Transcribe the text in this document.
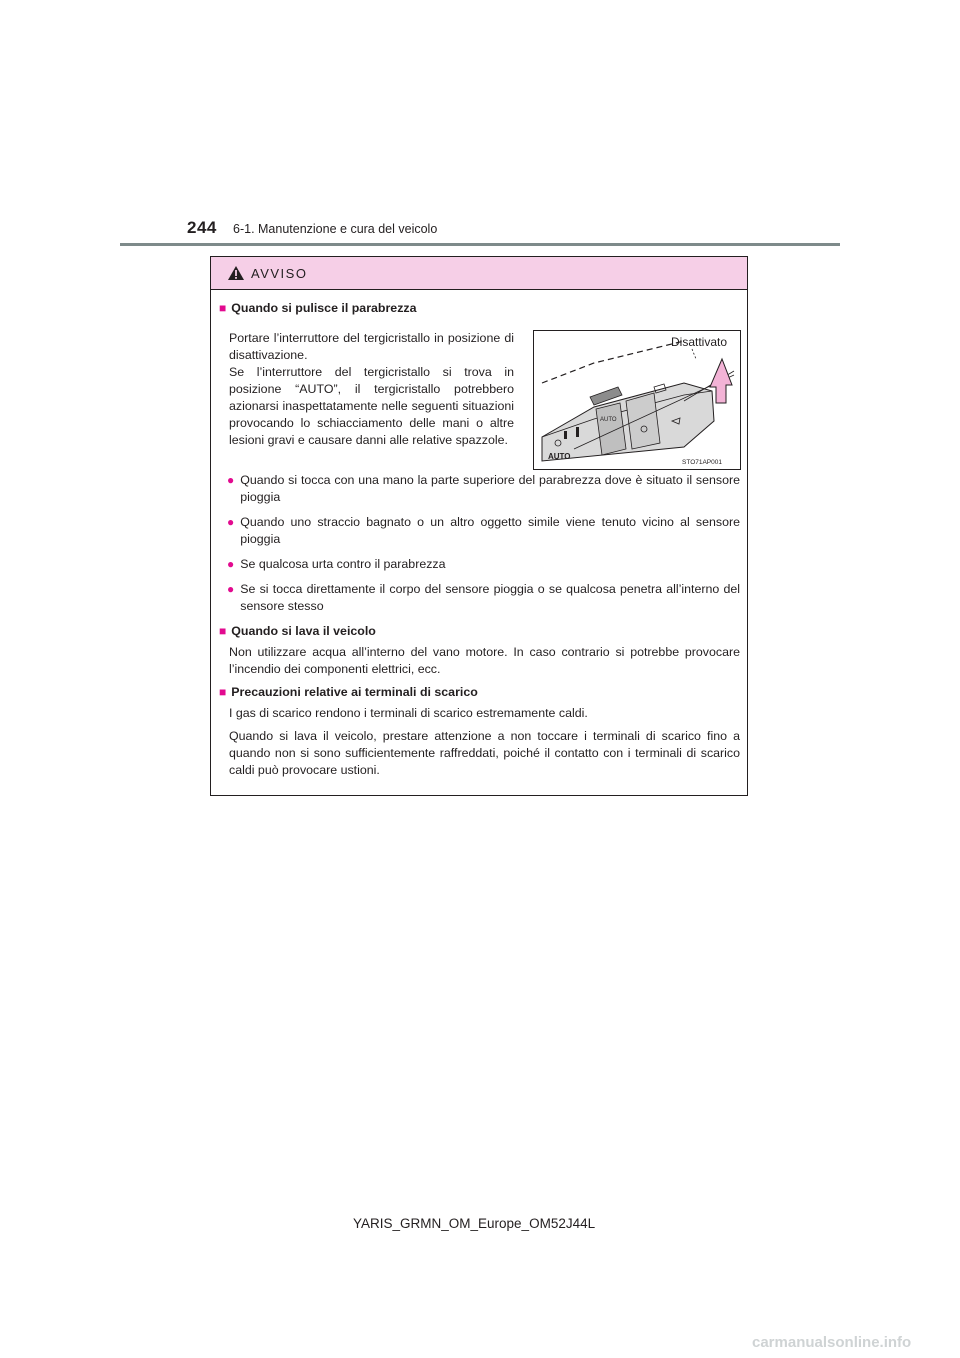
244 6-1. Manutenzione e cura del veicolo
AVVISO
■ Quando si pulisce il parabrezza
Portare l’interruttore del tergicristallo in posizione di disattivazione.
Se l’interruttore del tergicristallo si trova in posizione “AUTO”, il tergicristallo potrebbero azionarsi inaspettatamente nelle seguenti situazioni provocando lo schiacciamento delle mani o altre lesioni gravi e causare danni alle relative spazzole.
AUTO
AUTO
Disattivato
STO71AP001
● Quando si tocca con una mano la parte superiore del parabrezza dove è situato il sensore pioggia
● Quando uno straccio bagnato o un altro oggetto simile viene tenuto vicino al sensore pioggia
● Se qualcosa urta contro il parabrezza
● Se si tocca direttamente il corpo del sensore pioggia o se qualcosa penetra all’interno del sensore stesso
■ Quando si lava il veicolo
Non utilizzare acqua all’interno del vano motore. In caso contrario si potrebbe provocare l’incendio dei componenti elettrici, ecc.
■ Precauzioni relative ai terminali di scarico
I gas di scarico rendono i terminali di scarico estremamente caldi.
Quando si lava il veicolo, prestare attenzione a non toccare i terminali di scarico fino a quando non si sono sufficientemente raffreddati, poiché il contatto con i terminali di scarico caldi può provocare ustioni.
YARIS_GRMN_OM_Europe_OM52J44L
carmanualsonline.info
